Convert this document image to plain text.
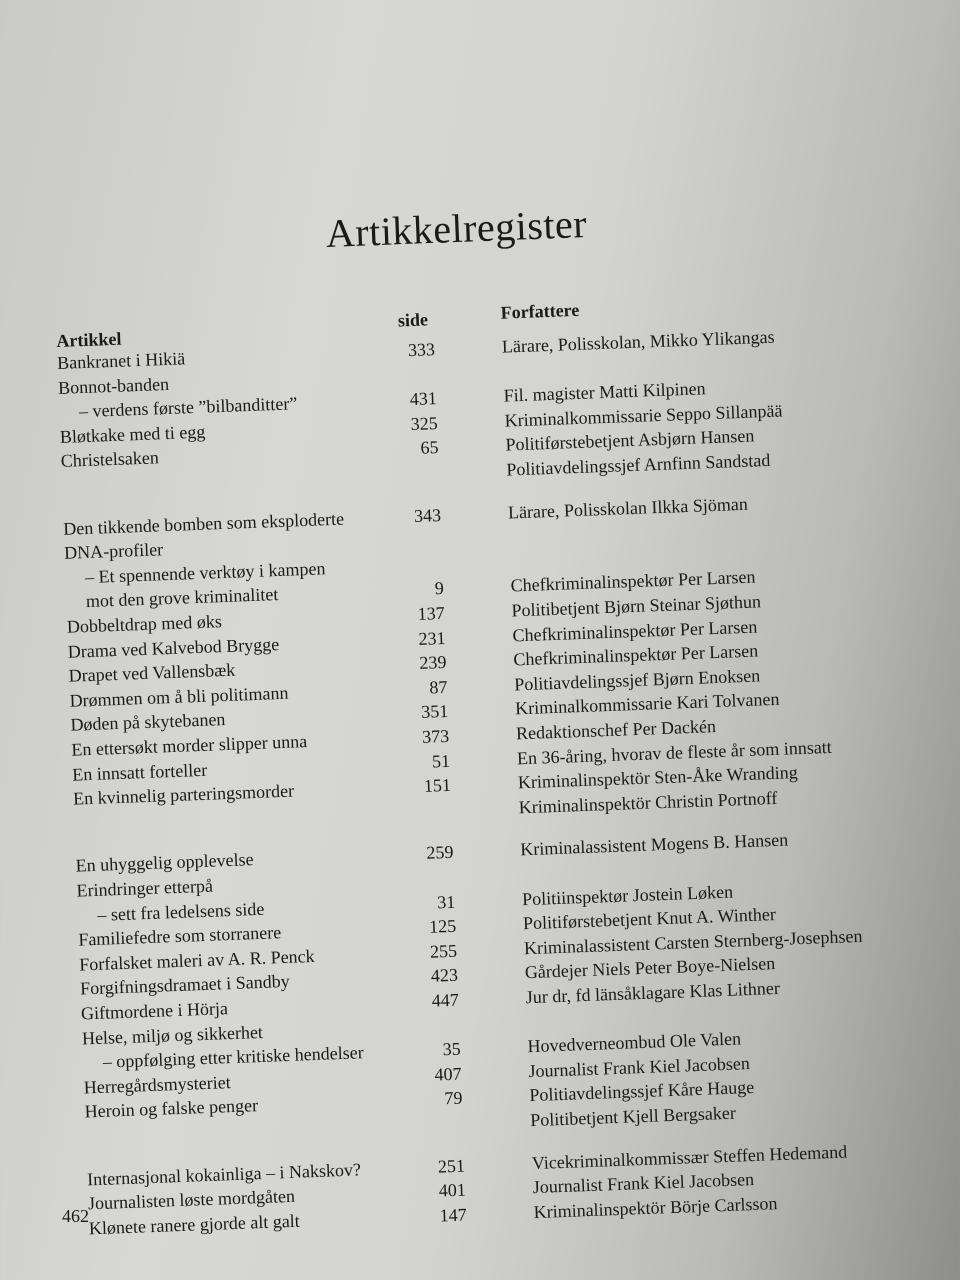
Artikkelregister
Artikkel
side	Forfattere
Bankranet i Hikiä	333	Lärare, Polisskolan, Mikko Ylikangas
Bonnot-banden
– verdens første ”bilbanditter”	431	Fil. magister Matti Kilpinen
Bløtkake med ti egg	325	Kriminalkommissarie Seppo Sillanpää
Christelsaken	65	Politiførstebetjent Asbjørn Hansen
Politiavdelingssjef Arnfinn Sandstad
Den tikkende bomben som eksploderte	343	Lärare, Polisskolan Ilkka Sjöman
DNA-profiler
– Et spennende verktøy i kampen
mot den grove kriminalitet	9	Chefkriminalinspektør Per Larsen
Dobbeltdrap med øks	137	Politibetjent Bjørn Steinar Sjøthun
Drama ved Kalvebod Brygge	231	Chefkriminalinspektør Per Larsen
Drapet ved Vallensbæk	239	Chefkriminalinspektør Per Larsen
Drømmen om å bli politimann	87	Politiavdelingssjef Bjørn Enoksen
Døden på skytebanen	351	Kriminalkommissarie Kari Tolvanen
En ettersøkt morder slipper unna	373	Redaktionschef Per Dackén
En innsatt forteller	51	En 36-åring, hvorav de fleste år som innsatt
En kvinnelig parteringsmorder	151	Kriminalinspektör Sten-Åke Wranding
Kriminalinspektör Christin Portnoff
En uhyggelig opplevelse	259	Kriminalassistent Mogens B. Hansen
Erindringer etterpå
– sett fra ledelsens side	31	Politiinspektør Jostein Løken
Familiefedre som storranere	125	Politiførstebetjent Knut A. Winther
Forfalsket maleri av A. R. Penck	255	Kriminalassistent Carsten Sternberg-Josephsen
Forgifningsdramaet i Sandby	423	Gårdejer Niels Peter Boye-Nielsen
Giftmordene i Hörja	447	Jur dr, fd länsåklagare Klas Lithner
Helse, miljø og sikkerhet
– oppfølging etter kritiske hendelser	35	Hovedverneombud Ole Valen
Herregårdsmysteriet	407	Journalist Frank Kiel Jacobsen
Heroin og falske penger	79	Politiavdelingssjef Kåre Hauge
Politibetjent Kjell Bergsaker
Internasjonal kokainliga – i Nakskov?	251	Vicekriminalkommissær Steffen Hedemand
Journalisten løste mordgåten	401	Journalist Frank Kiel Jacobsen
Klønete ranere gjorde alt galt	147	Kriminalinspektör Börje Carlsson
462
